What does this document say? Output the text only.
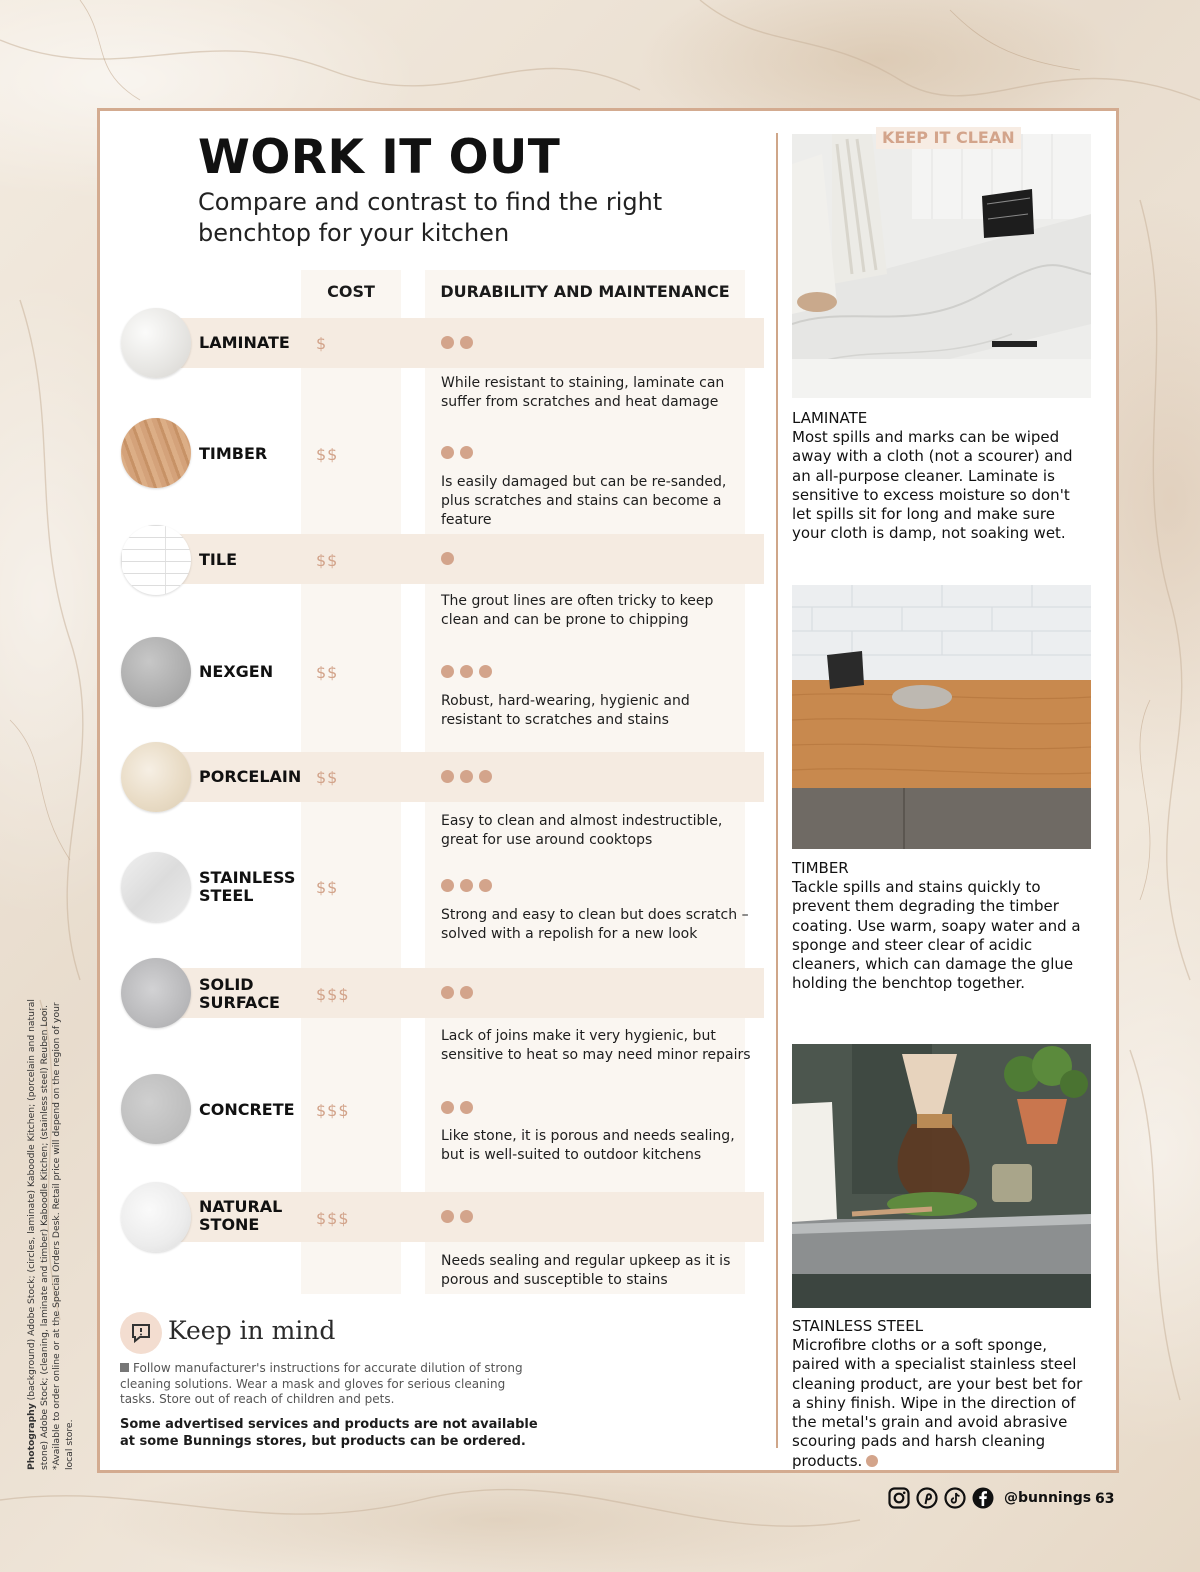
WORK IT OUT

Compare and contrast to find the right benchtop for your kitchen

COST	DURABILITY AND MAINTENANCE
LAMINATE
TIMBER
TILE
NEXGEN
PORCELAIN
STAINLESS STEEL
SOLID SURFACE
CONCRETE
NATURAL STONE
$
$$
$$
$$
$$
$$
$$$
$$$
$$$
While resistant to staining, laminate can suffer from scratches and heat damage
Is easily damaged but can be re-sanded, plus scratches and stains can become a feature
The grout lines are often tricky to keep clean and can be prone to chipping
Robust, hard-wearing, hygienic and resistant to scratches and stains
Easy to clean and almost indestructible, great for use around cooktops
Strong and easy to clean but does scratch – solved with a repolish for a new look
Lack of joins make it very hygienic, but sensitive to heat so may need minor repairs
Like stone, it is porous and needs sealing, but is well-suited to outdoor kitchens
Needs sealing and regular upkeep as it is porous and susceptible to stains
KEEP IT CLEAN
LAMINATE
Most spills and marks can be wiped away with a cloth (not a scourer) and an all-purpose cleaner. Laminate is sensitive to excess moisture so don't let spills sit for long and make sure your cloth is damp, not soaking wet.
TIMBER
Tackle spills and stains quickly to prevent them degrading the timber coating. Use warm, soapy water and a sponge and steer clear of acidic cleaners, which can damage the glue holding the benchtop together.
STAINLESS STEEL
Microfibre cloths or a soft sponge, paired with a specialist stainless steel cleaning product, are your best bet for a shiny finish. Wipe in the direction of the metal's grain and avoid abrasive scouring pads and harsh cleaning products.
Keep in mind
Follow manufacturer's instructions for accurate dilution of strong cleaning solutions. Wear a mask and gloves for serious cleaning tasks. Store out of reach of children and pets.
Some advertised services and products are not available at some Bunnings stores, but products can be ordered.
Photography (background) Adobe Stock; (circles, laminate) Kaboodle Kitchen; (porcelain and natural stone) Adobe Stock; (cleaning, laminate and timber) Kaboodle Kitchen; (stainless steel) Reuben Looi. *Available to order online or at the Special Orders Desk. Retail price will depend on the region of your local store.
@bunnings 63
